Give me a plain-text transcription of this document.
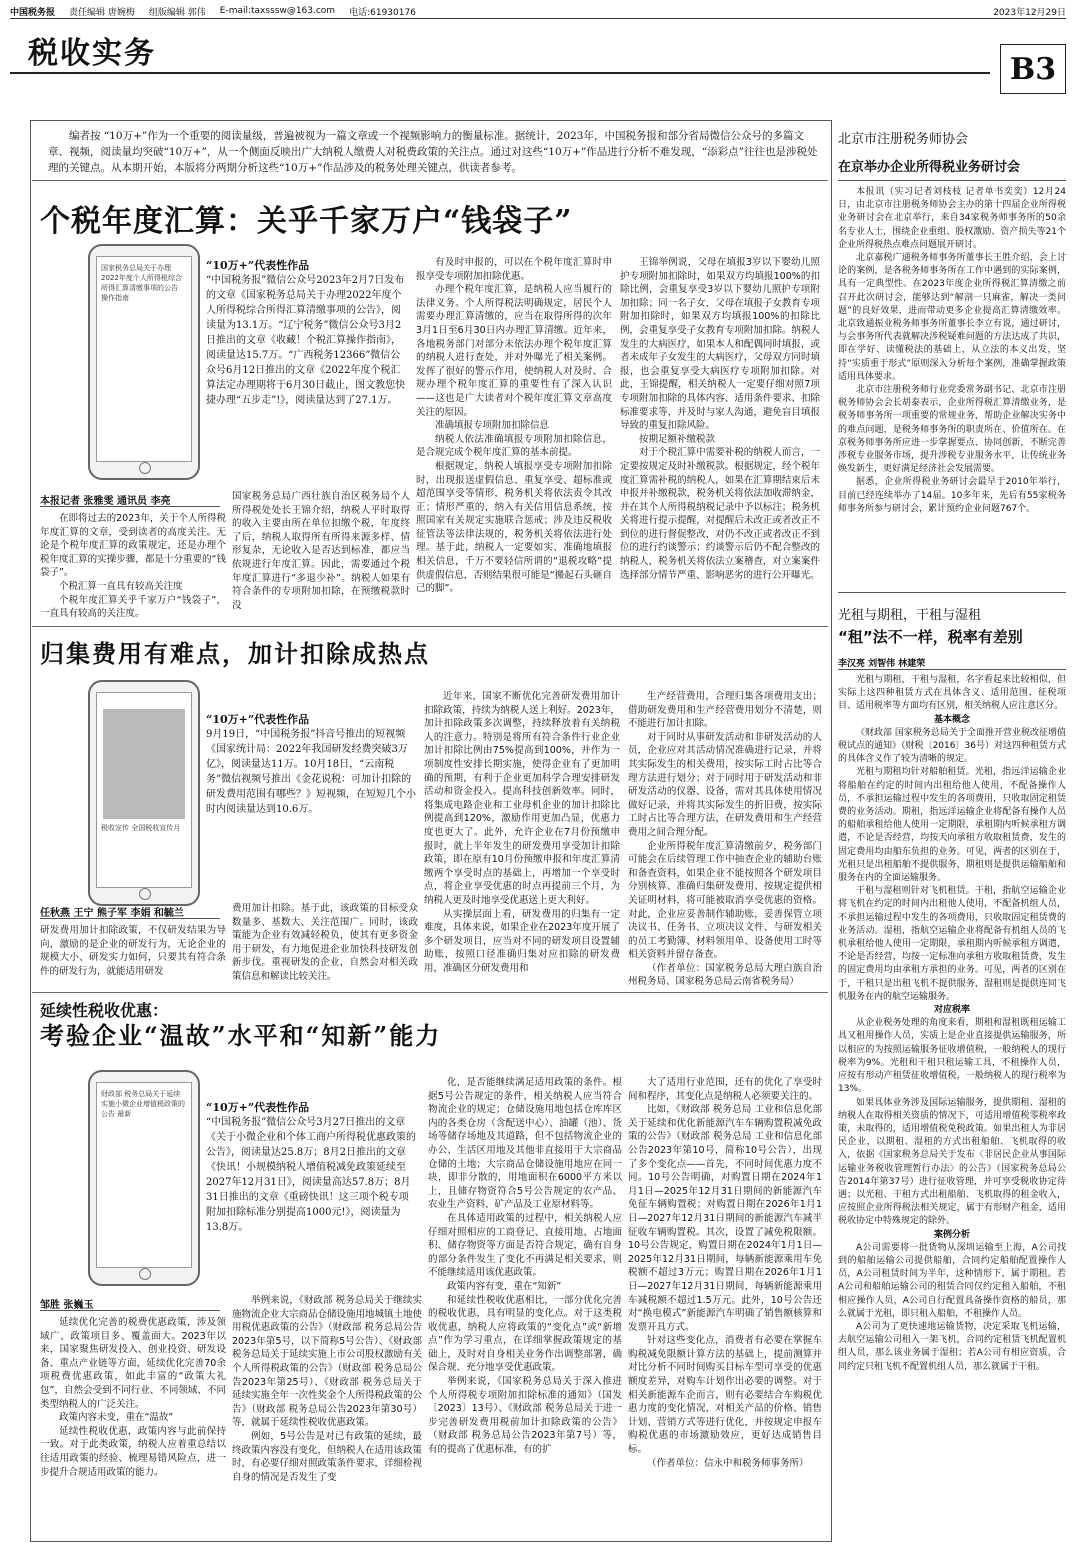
中国税务报 责任编辑 唐婉梅 组版编辑 郭伟 E-mail:taxsssw@163.com 电话:61930176	2023年12月29日
税收实务	B3
编者按 “10万+”作为一个重要的阅读量级，普遍被视为一篇文章或一个视频影响力的衡量标准。据统计，2023年，中国税务报和部分省局微信公众号的多篇文章、视频，阅读量均突破“10万+”，从一个侧面反映出广大纳税人缴费人对税费政策的关注点。通过对这些“10万+”作品进行分析不难发现，“添彩点”往往也是涉税处理的关键点。从本期开始，本版将分两期分析这些“10万+”作品涉及的税务处理关键点，供读者参考。
个税年度汇算：关乎千家万户“钱袋子”
国家税务总局关于办理2022年度个人所得税综合所得汇算清缴事项的公告 操作指南
“10万+”代表性作品
“中国税务报”微信公众号2023年2月7日发布的文章《国家税务总局关于办理2022年度个人所得税综合所得汇算清缴事项的公告》，阅读量为13.1万。“辽宁税务”微信公众号3月2日推出的文章《收藏！个税汇算操作指南》，阅读量达15.7万。“广西税务12366”微信公众号6月12日推出的文章《2022年度个税汇算法定办理期将于6月30日截止，图文教您快捷办理“五步走”!》，阅读量达到了27.1万。

有及时申报的，可以在个税年度汇算时申报享受专项附加扣除优惠。

办理个税年度汇算，是纳税人应当履行的法律义务。个人所得税法明确规定，居民个人需要办理汇算清缴的，应当在取得所得的次年3月1日至6月30日内办理汇算清缴。近年来，各地税务部门对部分未依法办理个税年度汇算的纳税人进行查处，并对外曝光了相关案例。发挥了很好的警示作用，使纳税人对及时、合规办理个税年度汇算的重要性有了深入认识——这也是广大读者对个税年度汇算文章高度关注的原因。

准确填报专项附加扣除信息

纳税人依法准确填报专项附加扣除信息，是合规完成个税年度汇算的基本前提。

根据规定，纳税人填报享受专项附加扣除时，出现报送虚假信息、重复享受、超标准或超范围享受等情形，税务机关将依法责令其改正；情形严重的，纳入有关信用信息系统，按照国家有关规定实施联合惩戒；涉及违反税收征管法等法律法规的，税务机关将依法进行处理。基于此，纳税人一定要如实、准确地填报相关信息，千万不要轻信所谓的“退税攻略”提供虚假信息，否则结果很可能是“搬起石头砸自己的脚”。

王锦举例说，父母在填报3岁以下婴幼儿照护专项附加扣除时，如果双方均填报100%的扣除比例，会重复享受3岁以下婴幼儿照护专项附加扣除；同一名子女，父母在填报子女教育专项附加扣除时，如果双方均填报100%的扣除比例，会重复享受子女教育专项附加扣除。纳税人发生的大病医疗，如果本人和配偶同时填报，或者未成年子女发生的大病医疗，父母双方同时填报，也会重复享受大病医疗专项附加扣除。对此，王锦提醒，相关纳税人一定要仔细对照7项专项附加扣除的具体内容、适用条件要求、扣除标准要求等，并及时与家人沟通，避免盲目填报导致的重复扣除风险。

按期足额补缴税款

对于个税汇算中需要补税的纳税人而言，一定要按规定及时补缴税款。根据规定，经个税年度汇算需补税的纳税人，如果在汇算期结束后未申报并补缴税款，税务机关将依法加收滞纳金，并在其个人所得税纳税记录中予以标注；税务机关将进行提示提醒，对提醒后未改正或者改正不到位的进行督促整改，对仍不改正或者改正不到位的进行约谈警示；约谈警示后仍不配合整改的纳税人，税务机关将依法立案稽查，对立案案件选择部分情节严重、影响恶劣的进行公开曝光。

本报记者 张雅雯 通讯员 李亮

在即将过去的2023年，关于个人所得税年度汇算的文章，受到读者的高度关注。无论是个税年度汇算的政策规定，还是办理个税年度汇算的实操步骤，都是十分重要的“钱袋子”。

个税汇算一直具有较高关注度

个税年度汇算关乎千家万户“钱袋子”，一直具有较高的关注度。

国家税务总局广西壮族自治区税务局个人所得税处处长王锦介绍，纳税人平时取得的收入主要由所在单位扣缴个税，年度终了后，纳税人取得所有所得来源多样、情形复杂，无论收入是否达到标准，都应当依规进行年度汇算。因此，需要通过个税年度汇算进行“多退少补”。纳税人如果有符合条件的专项附加扣除，在预缴税款时没
归集费用有难点，加计扣除成热点
税收宣传 全国税收宣传月
“10万+”代表性作品
9月19日，“中国税务报”抖音号推出的短视频《国家统计局：2022年我国研发经费突破3万亿》，阅读量达11万。10月18日，“云南税务”微信视频号推出《金花说税：可加计扣除的研发费用范围有哪些？》短视频，在短短几个小时内阅读量达到10.6万。

近年来，国家不断优化完善研发费用加计扣除政策，持续为纳税人送上利好。2023年，加计扣除政策多次调整，持续释放着有关纳税人的注意力。特别是将所有符合条件行业企业加计扣除比例由75%提高到100%，并作为一项制度性安排长期实施，使得企业有了更加明确的预期，有利于企业更加科学合理安排研发活动和资金投入。提高科技创新效率。同时，将集成电路企业和工业母机企业的加计扣除比例提高到120%，激励作用更加凸显，优惠力度也更大了。此外，允许企业在7月份预缴申报时，就上半年发生的研发费用享受加计扣除政策，即在原有10月份预缴申报和年度汇算清缴两个享受时点的基础上，再增加一个享受时点，将企业享受优惠的时点再提前三个月，为纳税人更及时地享受优惠送上更大利好。

从实操层面上看，研发费用的归集有一定难度，具体来说，如果企业在2023年度开展了多个研发项目，应当对不同的研发项目设置辅助账，按照口径准确归集对应扣除的研发费用，准确区分研发费用和

生产经营费用，合理归集各项费用支出；借助研发费用和生产经营费用划分不清楚，则不能进行加计扣除。

对于同时从事研发活动和非研发活动的人员，企业应对其活动情况准确进行记录，并将其实际发生的相关费用，按实际工时占比等合理方法进行划分；对于同时用于研发活动和非研发活动的仪器、设备，需对其具体使用情况做好记录，并将其实际发生的折旧费，按实际工时占比等合理方法，在研发费用和生产经营费用之间合理分配。

企业所得税年度汇算清缴前夕，税务部门可能会在后续管理工作中抽查企业的辅助台账和备查资料，如果企业不能按照各个研发项目分别核算、准确归集研发费用、按规定提供相关证明材料，将可能被取消享受优惠的资格。对此，企业应妥善制作辅助账，妥善保管立项决议书、任务书、立项决议文件、与研发相关的员工考勤簿、材料领用单、设备使用工时等相关资料并留存备查。

（作者单位：国家税务总局大理白族自治州税务局、国家税务总局云南省税务局）

任秋燕 王宁 熊子军 李娟 和毓兰
研发费用加计扣除政策，不仅研发结果为导向，激励的是企业的研发行为，无论企业的规模大小、研发实力如何，只要其有符合条件的研发行为，就能适用研发
费用加计扣除。基于此，该政策的目标受众数量多、基数大、关注范围广。同时，该政策能为企业有效减轻税负，使其有更多资金用于研发，有力地促进企业加快科技研发创新步伐。重视研发的企业，自然会对相关政策信息和解读比较关注。
延续性税收优惠：
考验企业“温故”水平和“知新”能力
财政部 税务总局关于延续实施小微企业增值税政策的公告 最新	“10万+”代表性作品
“中国税务报”微信公众号3月27日推出的文章《关于小微企业和个体工商户所得税优惠政策的公告》，阅读量达25.8万；8月2日推出的文章《快讯！小规模纳税人增值税减免政策延续至2027年12月31日》，阅读量高达57.8万；8月31日推出的文章《重磅快讯！这三项个税专项附加扣除标准分别提高1000元!》，阅读量为13.8万。

化，是否能继续满足适用政策的条件。根据5号公告规定的条件，相关纳税人应当符合物流企业的规定；仓储设施用地包括仓库库区内的各类仓房（含配送中心）、油罐（池）、货场等储存场地及其道路，但不包括物流企业的办公、生活区用地及其他非直接用于大宗商品仓储的土地；大宗商品仓储设施用地应在同一块，即非分散的，用地面积在6000平方米以上，且储存物资符合5号公告规定的农产品、农业生产资料、矿产品及工业原材料等。

在具体适用政策的过程中，相关纳税人应仔细对照相应的工商登记、直接用地、占地面积、储存物资等方面是否符合规定，确有自身的部分条件发生了变化不再满足相关要求，则不能继续适用该优惠政策。

政策内容有变，重在“知新”

和延续性税收优惠相比，一部分优化完善的税收优惠，具有明显的变化点。对于这类税收优惠，纳税人应将政策的“变化点”或“新增点”作为学习重点，在详细掌握政策规定的基础上，及时对自身相关业务作出调整部署，确保合规、充分地享受优惠政策。

举例来说，《国家税务总局关于深入推进个人所得税专项附加扣除标准的通知》（国发〔2023〕13号）、《财政部 税务总局关于进一步完善研发费用税前加计扣除政策的公告》（财政部 税务总局公告2023年第7号）等，有的提高了优惠标准，有的扩

大了适用行业范围，还有的优化了享受时间和程序，其变化点是纳税人必须要关注的。

比如，《财政部 税务总局 工业和信息化部关于延续和优化新能源汽车车辆购置税减免政策的公告》（财政部 税务总局 工业和信息化部公告2023年第10号，简称10号公告），出现了多个变化点——首先，不同时间优惠力度不同。10号公告明确，对购置日期在2024年1月1日—2025年12月31日期间的新能源汽车免征车辆购置税；对购置日期在2026年1月1日—2027年12月31日期间的新能源汽车减半征收车辆购置税。其次，设置了减免税限额。10号公告规定，购置日期在2024年1月1日—2025年12月31日期间，每辆新能源乘用车免税额不超过3万元；购置日期在2026年1月1日—2027年12月31日期间，每辆新能源乘用车减税额不超过1.5万元。此外，10号公告还对“换电模式”新能源汽车明确了销售额核算和发票开具方式。

针对这些变化点，消费者有必要在掌握车购税减免限额计算方法的基础上，提前测算并对比分析不同时间购买目标车型可享受的优惠额度差异，对购车计划作出必要的调整。对于相关新能源车企而言，则有必要结合车购税优惠力度的变化情况，对相关产品的价格、销售计划、营销方式等进行优化，并按规定申报车购税优惠的市场激励效应，更好达成销售目标。

（作者单位：信永中和税务师事务所）

邹胜 张巍玉

延续优化完善的税费优惠政策，涉及领域广、政策项目多、覆盖面大。2023年以来，国家聚焦研发投入、创业投资、研发设备、重点产业链等方面，延续优化完善70余项税费优惠政策，如此丰富的“政策大礼包”，自然会受到不同行业、不同领域、不同类型纳税人的广泛关注。

政策内容未变，重在“温故”

延续性税收优惠，政策内容与此前保持一致。对于此类政策，纳税人应着重总结以往适用政策的经验、梳理易错风险点，进一步提升合规适用政策的能力。

举例来说，《财政部 税务总局关于继续实施物流企业大宗商品仓储设施用地城镇土地使用税优惠政策的公告》（财政部 税务总局公告2023年第5号，以下简称5号公告）、《财政部 税务总局关于延续实施上市公司股权激励有关个人所得税政策的公告》（财政部 税务总局公告2023年第25号）、《财政部 税务总局关于延续实施全年一次性奖金个人所得税政策的公告》（财政部 税务总局公告2023年第30号）等，就属于延续性税收优惠政策。

例如，5号公告是对已有政策的延续，最终政策内容没有变化，但纳税人在适用该政策时，有必要仔细对照政策条件要求，详细检视自身的情况是否发生了变

北京市注册税务师协会
在京举办企业所得税业务研讨会

本报讯（实习记者刘枝枝 记者单书奕奕）12月24日，由北京市注册税务师协会主办的第十四届企业所得税业务研讨会在北京举行，来自34家税务师事务所的50余名专业人士，围绕企业重组、股权激励、资产损失等21个企业所得税热点难点问题展开研讨。

北京嘉税广通税务师事务所董事长王胜介绍，会上讨论的案例，是各税务师事务所在工作中遇到的实际案例，具有一定典型性。在2023年度企业所得税汇算清缴之前召开此次研讨会，能够达到“解剖一只麻雀，解决一类问题”的良好效果，进而带动更多企业提高汇算清缴效率。北京致通振业税务师事务所董事长李立有说，通过研讨，与会事务所代表就解决涉税疑难问题的方法达成了共识，即在学好、读懂税法的基础上，从立法的本义出发，坚持“实质重于形式”原则深入分析每个案例，准确掌握政策适用具体要求。

北京市注册税务师行业党委常务副书记、北京市注册税务师协会会长胡泰表示，企业所得税汇算清缴业务，是税务师事务所一项重要的常规业务，帮助企业解决实务中的难点问题，是税务师事务所的职责所在、价值所在。在京税务师事务所应进一步掌握要点、协同创新，不断完善涉税专业服务市场，提升涉税专业服务水平，让传统业务焕发新生，更好满足经济社会发展需要。

据悉，企业所得税业务研讨会最早于2010年举行，目前已经连续举办了14届。10多年来，先后有55家税务师事务所参与研讨会，累计预约企业问题767个。

光租与期租，干租与湿租
“租”法不一样，税率有差别
李汉亮 刘智伟 林建荣

光租与期租，干租与湿租，名字看起来比较相似，但实际上这四种租赁方式在具体含义、适用范围、征税项目、适用税率等方面均有区别，相关纳税人应注意区分。

基本概念

《财政部 国家税务总局关于全面推开营业税改征增值税试点的通知》（财税〔2016〕36号）对这四种租赁方式的具体含义作了较为清晰的规定。

光租与期租均针对船舶租赁。光租，指远洋运输企业将船舶在约定的时间内出租给他人使用，不配备操作人员，不承担运输过程中发生的各项费用，只收取固定租赁费的业务活动。期租，指远洋运输企业将配备有操作人员的船舶承租给他人使用一定期限，承租期内听候承租方调遣，不论是否经营，均按天向承租方收取租赁费，发生的固定费用均由船东负担的业务。可见，两者的区别在于，光租只是出租船舶不提供服务，期租则是提供运输船舶和服务在内的全面运输服务。

干租与湿租则针对飞机租赁。干租，指航空运输企业将飞机在约定的时间内出租他人使用，不配备机组人员，不承担运输过程中发生的各项费用，只收取固定租赁费的业务活动。湿租，指航空运输企业将配备有机组人员的飞机承租给他人使用一定期限，承租期内听候承租方调遣，不论是否经营，均按一定标准向承租方收取租赁费，发生的固定费用均由承租方承担的业务。可见，两者的区别在于，干租只是出租飞机不提供服务，湿租则是提供连同飞机服务在内的航空运输服务。

对应税率

从企业税务处理的角度来看，期租和湿租既租运输工具又租用操作人员，实质上是企业直接提供运输服务，所以相应的为按照运输服务征收增值税，一般纳税人的现行税率为9%。光租和干租只租运输工具，不租操作人员，应按有形动产租赁征收增值税，一般纳税人的现行税率为13%。

如果具体业务涉及国际运输服务，提供期租、湿租的纳税人在取得相关资质的情况下，可适用增值税零税率政策，未取得的，适用增值税免税政策。如果出租人为非居民企业，以期租、湿租的方式出租船舶、飞机取得的收入，依据《国家税务总局关于发布〈非居民企业从事国际运输业务税收管理暂行办法〉的公告》（国家税务总局公告2014年第37号）进行征收管理，并可享受税收协定待遇；以光租、干租方式出租船舶、飞机取得的租金收入，应按照企业所得税法相关规定，属于有形财产租金，适用税收协定中特殊规定的除外。

案例分析

A公司需要将一批货物从深圳运输至上海，A公司找到的船舶运输公司提供船舶，合同约定船舶配置操作人员，A公司租赁时间为半年，这种情形下，属于期租。若A公司和船舶运输公司的租赁合同仅约定租入船舶，不租相应操作人员，A公司自行配置具备操作资格的船员，那么就属于光租，即只租入船舶，不租操作人员。

A公司为了更快速地运输货物，决定采取飞机运输，去航空运输公司租入一架飞机，合同约定租赁飞机配置机组人员，那么该业务属于湿租；若A公司有相应资质，合同约定只租飞机不配置机组人员，那么就属于干租。
